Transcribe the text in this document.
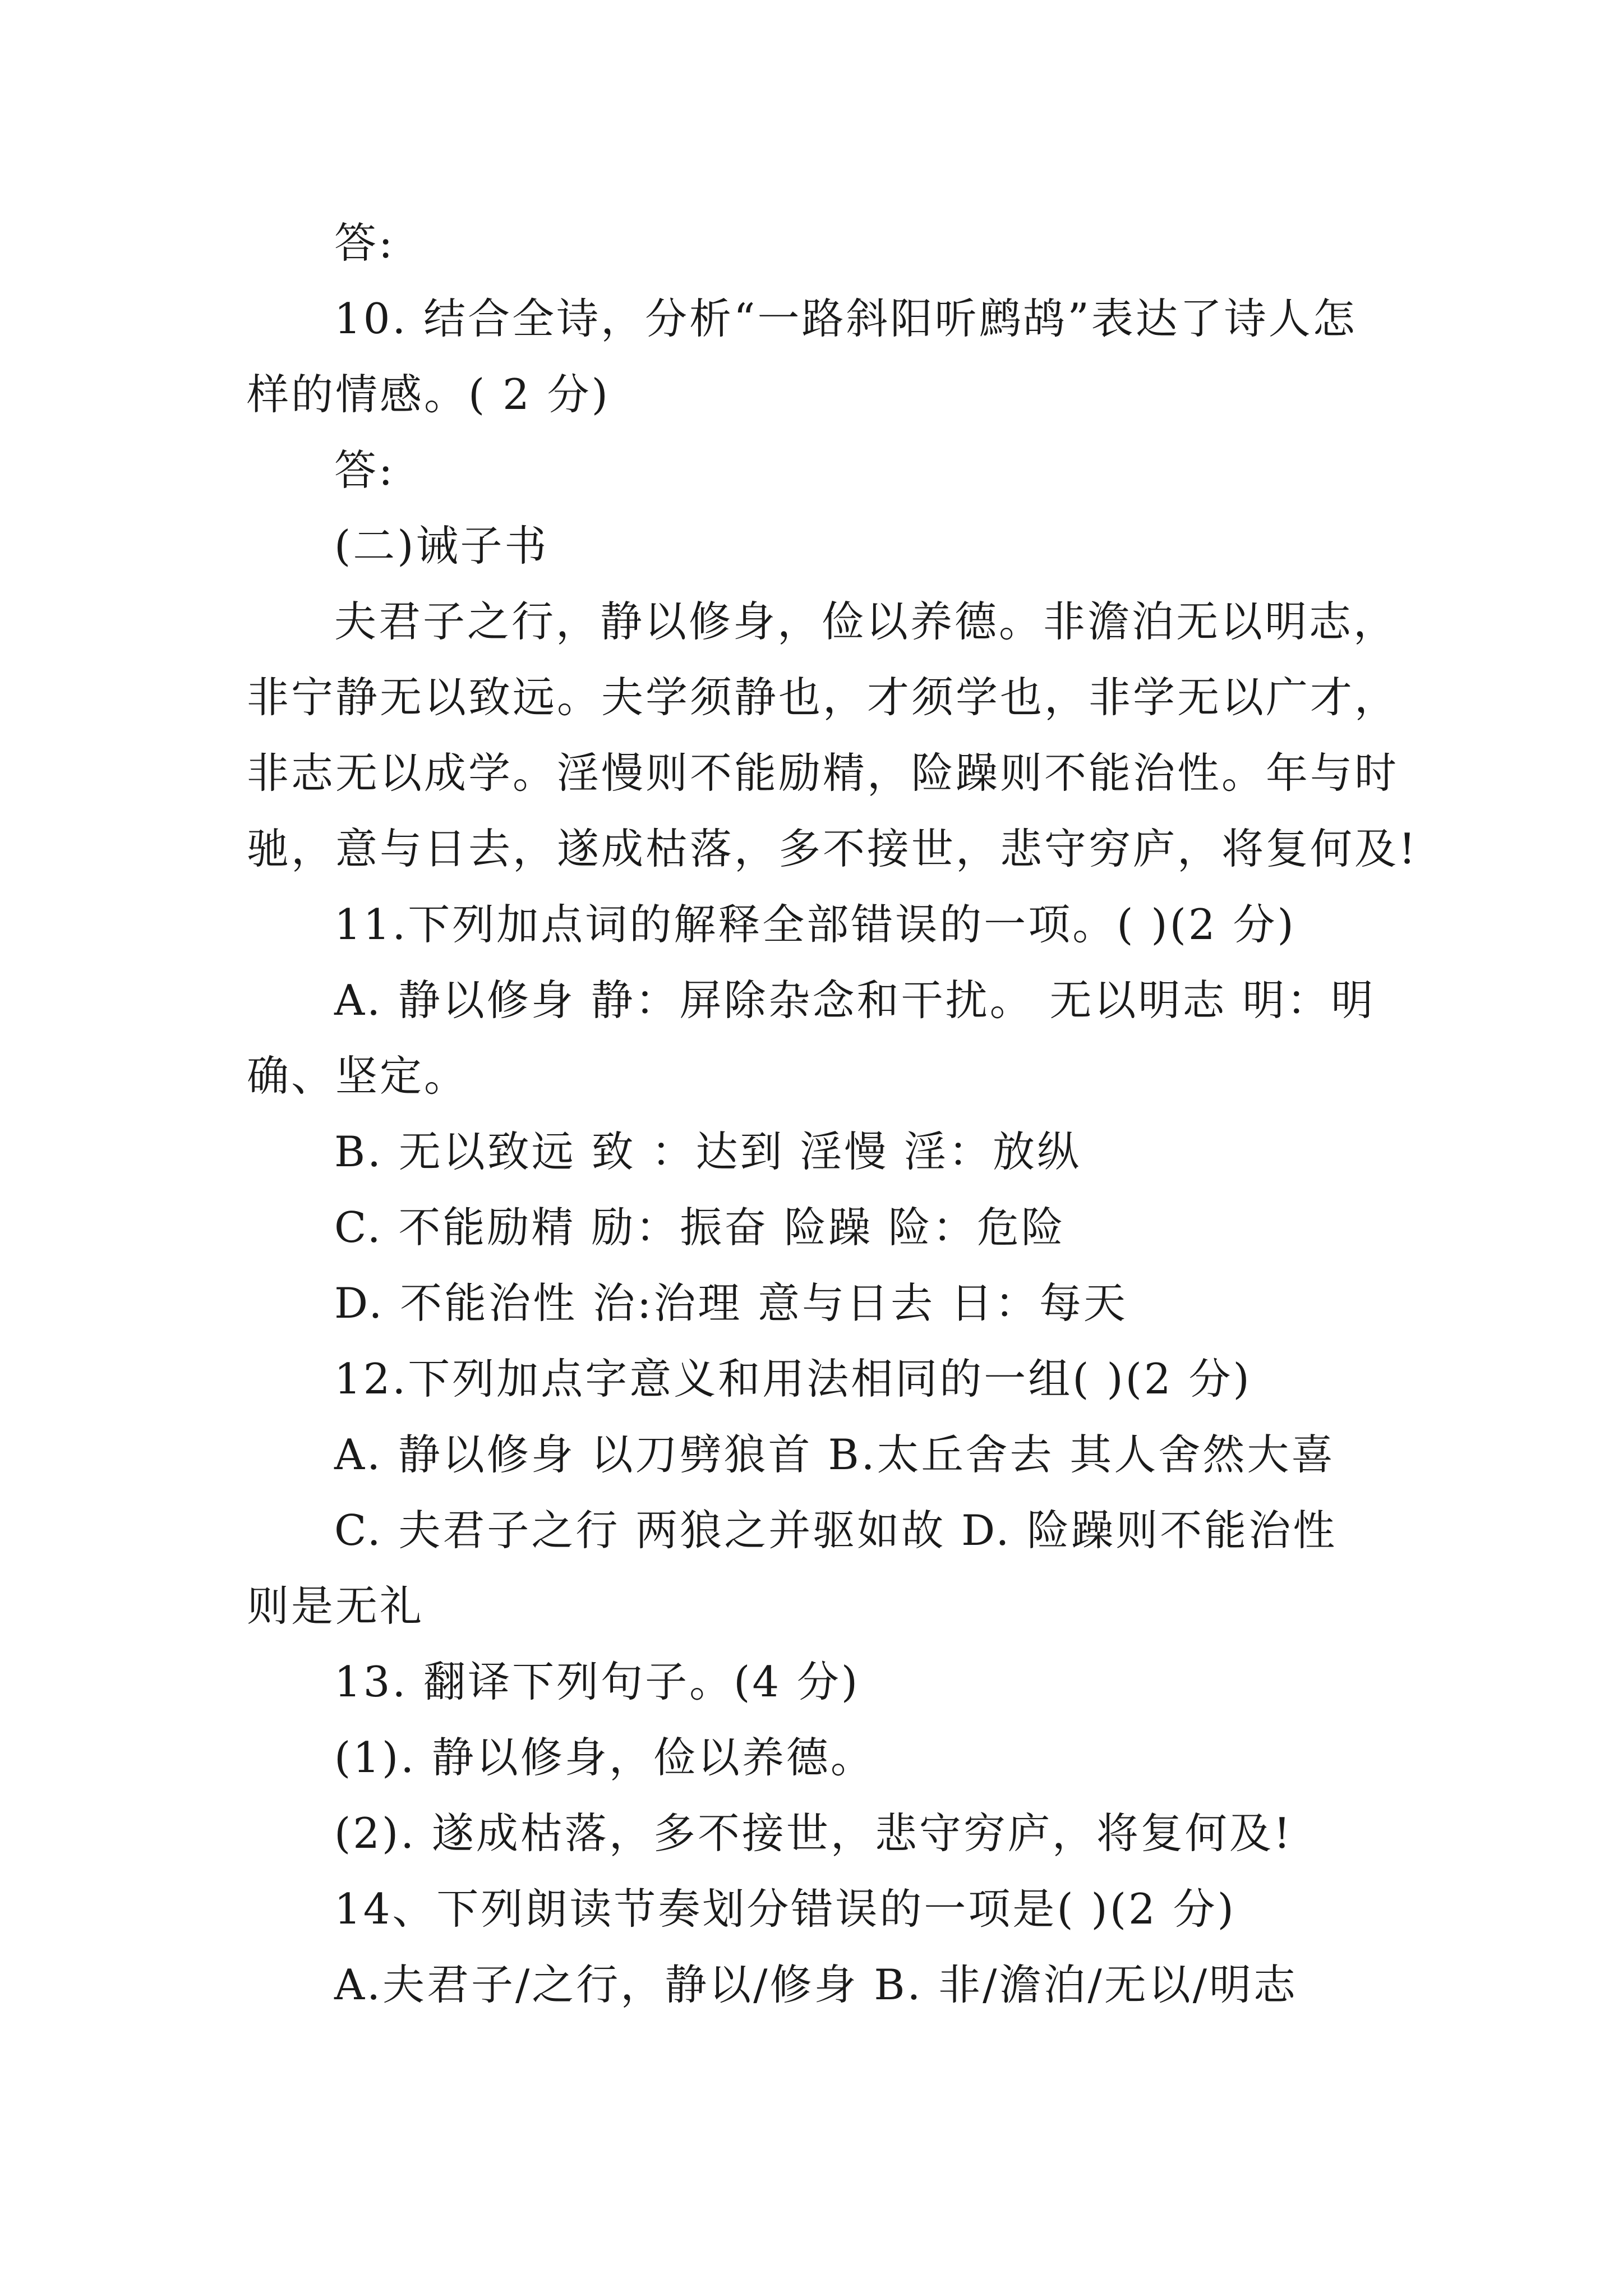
答:
10. 结合全诗，分析“一路斜阳听鹧鸪”表达了诗人怎
样的情感。( 2 分)
答:
(二)诫子书
夫君子之行，静以修身，俭以养德。非澹泊无以明志，
非宁静无以致远。夫学须静也，才须学也，非学无以广才，
非志无以成学。淫慢则不能励精，险躁则不能治性。年与时
驰，意与日去，遂成枯落，多不接世，悲守穷庐，将复何及!
11.下列加点词的解释全部错误的一项。( )(2 分)
A. 静以修身 静：屏除杂念和干扰。 无以明志 明：明
确、坚定。
B. 无以致远 致 ：达到 淫慢 淫：放纵
C. 不能励精 励：振奋 险躁 险：危险
D. 不能治性 治:治理 意与日去 日：每天
12.下列加点字意义和用法相同的一组( )(2 分)
A. 静以修身 以刀劈狼首 B.太丘舍去 其人舍然大喜
C. 夫君子之行 两狼之并驱如故 D. 险躁则不能治性
则是无礼
13. 翻译下列句子。(4 分)
(1). 静以修身，俭以养德。
(2). 遂成枯落，多不接世，悲守穷庐，将复何及!
14、下列朗读节奏划分错误的一项是( )(2 分)
A.夫君子/之行，静以/修身 B. 非/澹泊/无以/明志
